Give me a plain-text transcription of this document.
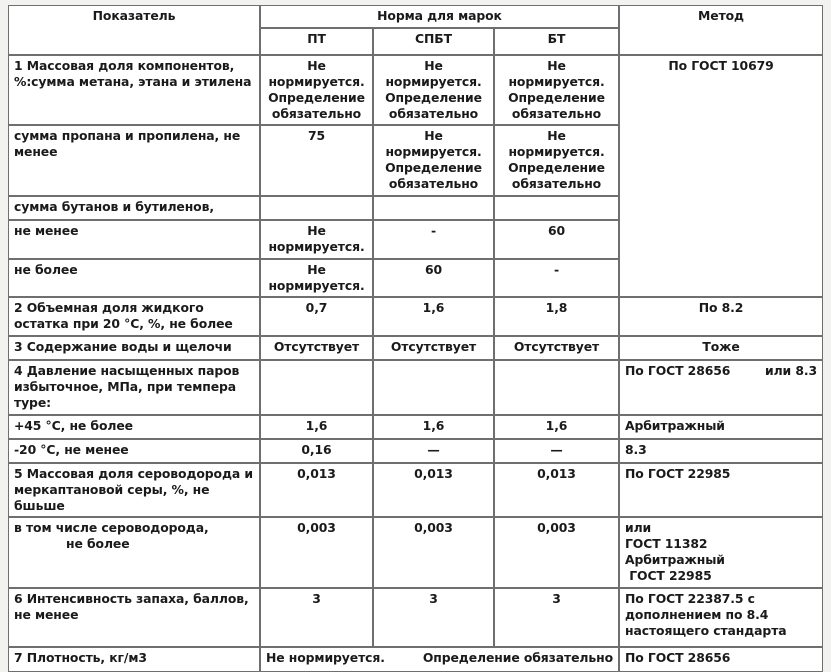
Показатель	Норма для марок			Метод
	ПТ	СПБТ	БТ	
1 Массовая доля компонентов, %:сумма метана, этана и этилена	Не нормируется. Определение обязательно	Не нормируется. Определение обязательно	Не нормируется. Определение обязательно	По ГОСТ 10679
сумма пропана и пропилена, не менее	75	Не нормируется. Определение обязательно	Не нормируется. Определение обязательно	
сумма бутанов и бутиленов,				
не менее	Не нормируется.	-	60	
не более	Не нормируется.	60	-	
2 Объемная доля жидкого остатка при 20 °С, %, не более	0,7	1,6	1,8	По 8.2
3 Содержание воды и щелочи	Отсутствует	Отсутствует	Отсутствует	Тоже
4 Давление насыщенных паров избыточное, МПа, при темпера туре:				По ГОСТ 28656 или 8.3

+45 °С, не более	1,6	1,6	1,6	Арбитражный
-20 °С, не менее	0,16	—	—	8.3
5 Массовая доля сероводорода и меркаптановой серы, %, не бшьше	0,013	0,013	0,013	По ГОСТ 22985
в том числе сероводорода,
не более	0,003	0,003	0,003	или
ГОСТ 11382
Арбитражный
ГОСТ 22985
6 Интенсивность запаха, баллов, не менее	3	3	3	По ГОСТ 22387.5 с
дополнением по 8.4
настоящего стандарта
7 Плотность, кг/м3	Не нормируется. Определение обязательно			По ГОСТ 28656
